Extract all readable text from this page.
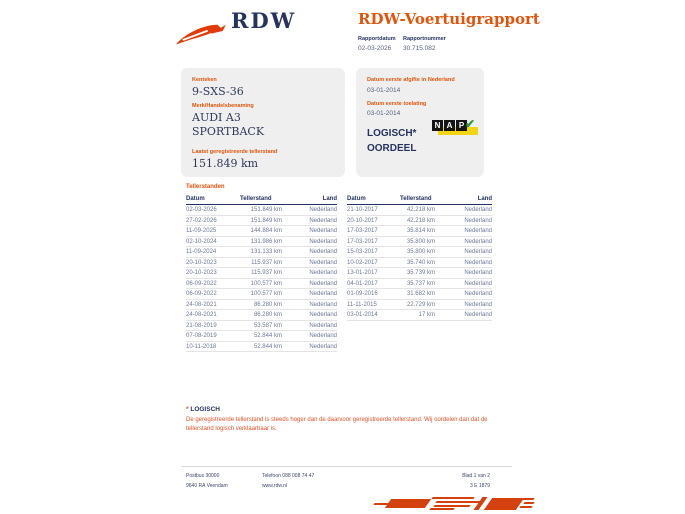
RDW	RDW-Voertuigrapport
Rapportdatum
02-03-2026
Rapportnummer
30.715.082
Kenteken
9-SXS-36
Merk/Handelsbenaming
AUDI A3
SPORTBACK
Laatst geregistreerde tellerstand
151.849 km
Datum eerste afgifte in Nederland
03-01-2014
Datum eerste toelating
03-01-2014
LOGISCH*
OORDEEL
N A P ✔
Tellerstanden
Datum	Tellerstand	Land
02-03-2026	151.849 km	Nederland
27-02-2026	151.849 km	Nederland
11-09-2025	144.884 km	Nederland
02-10-2024	131.986 km	Nederland
11-09-2024	131.133 km	Nederland
20-10-2023	115.937 km	Nederland
20-10-2023	115.937 km	Nederland
06-09-2022	100.577 km	Nederland
06-09-2022	100.577 km	Nederland
24-08-2021	86.280 km	Nederland
24-08-2021	86.280 km	Nederland
21-08-2019	53.587 km	Nederland
07-08-2019	52.844 km	Nederland
10-11-2018	52.844 km	Nederland
Datum	Tellerstand	Land
21-10-2017	42.218 km	Nederland
20-10-2017	42.218 km	Nederland
17-03-2017	35.814 km	Nederland
17-03-2017	35.800 km	Nederland
15-03-2017	35.800 km	Nederland
10-02-2017	35.740 km	Nederland
13-01-2017	35.739 km	Nederland
04-01-2017	35.737 km	Nederland
01-09-2016	31.682 km	Nederland
11-11-2015	22.729 km	Nederland
03-01-2014	17 km	Nederland
* LOGISCH
De geregistreerde tellerstand is steeds hoger dan de daarvoor geregistreerde tellerstand. Wij oordelen dan dat de tellerstand logisch verklaarbaar is.
Postbus 30000
9640 RA Veendam
Telefoon 088 008 74 47
www.rdw.nl
Blad 1 van 2
3 E 1879
